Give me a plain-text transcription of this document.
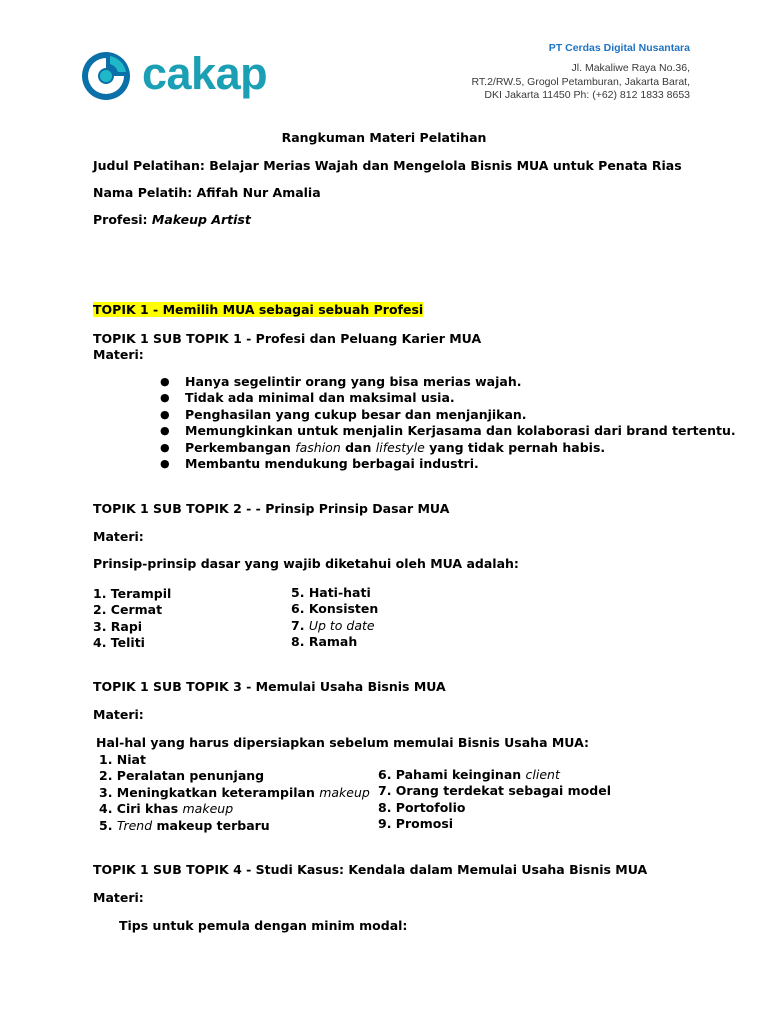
cakap	PT Cerdas Digital Nusantara
Jl. Makaliwe Raya No.36,
RT.2/RW.5, Grogol Petamburan, Jakarta Barat,
DKI Jakarta 11450 Ph: (+62) 812 1833 8653
Rangkuman Materi Pelatihan
Judul Pelatihan: Belajar Merias Wajah dan Mengelola Bisnis MUA untuk Penata Rias
Nama Pelatih: Afifah Nur Amalia
Profesi: Makeup Artist
TOPIK 1 - Memilih MUA sebagai sebuah Profesi
TOPIK 1 SUB TOPIK 1 - Profesi dan Peluang Karier MUA
Materi:
● Hanya segelintir orang yang bisa merias wajah.
● Tidak ada minimal dan maksimal usia.
● Penghasilan yang cukup besar dan menjanjikan.
● Memungkinkan untuk menjalin Kerjasama dan kolaborasi dari brand tertentu.
● Perkembangan fashion dan lifestyle yang tidak pernah habis.
● Membantu mendukung berbagai industri.
TOPIK 1 SUB TOPIK 2 - - Prinsip Prinsip Dasar MUA
Materi:
Prinsip-prinsip dasar yang wajib diketahui oleh MUA adalah:
1. Terampil
2. Cermat
3. Rapi
4. Teliti
5. Hati-hati
6. Konsisten
7. Up to date
8. Ramah
TOPIK 1 SUB TOPIK 3 - Memulai Usaha Bisnis MUA
Materi:
Hal-hal yang harus dipersiapkan sebelum memulai Bisnis Usaha MUA:
1. Niat
2. Peralatan penunjang
3. Meningkatkan keterampilan makeup
4. Ciri khas makeup
5. Trend makeup terbaru
6. Pahami keinginan client
7. Orang terdekat sebagai model
8. Portofolio
9. Promosi
TOPIK 1 SUB TOPIK 4 - Studi Kasus: Kendala dalam Memulai Usaha Bisnis MUA
Materi:
Tips untuk pemula dengan minim modal:
